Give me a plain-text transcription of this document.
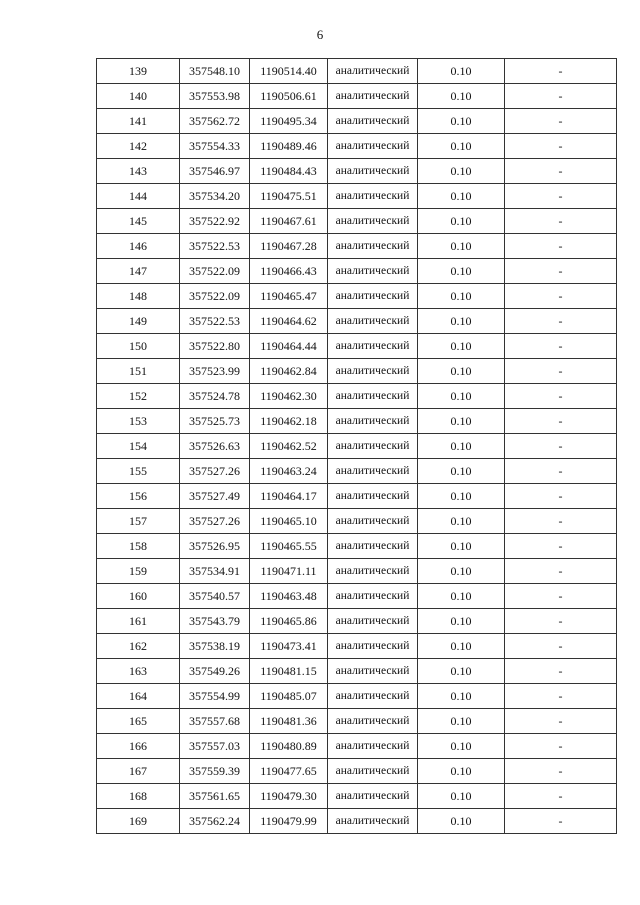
6
139	357548.10	1190514.40	аналитический	0.10	-
140	357553.98	1190506.61	аналитический	0.10	-
141	357562.72	1190495.34	аналитический	0.10	-
142	357554.33	1190489.46	аналитический	0.10	-
143	357546.97	1190484.43	аналитический	0.10	-
144	357534.20	1190475.51	аналитический	0.10	-
145	357522.92	1190467.61	аналитический	0.10	-
146	357522.53	1190467.28	аналитический	0.10	-
147	357522.09	1190466.43	аналитический	0.10	-
148	357522.09	1190465.47	аналитический	0.10	-
149	357522.53	1190464.62	аналитический	0.10	-
150	357522.80	1190464.44	аналитический	0.10	-
151	357523.99	1190462.84	аналитический	0.10	-
152	357524.78	1190462.30	аналитический	0.10	-
153	357525.73	1190462.18	аналитический	0.10	-
154	357526.63	1190462.52	аналитический	0.10	-
155	357527.26	1190463.24	аналитический	0.10	-
156	357527.49	1190464.17	аналитический	0.10	-
157	357527.26	1190465.10	аналитический	0.10	-
158	357526.95	1190465.55	аналитический	0.10	-
159	357534.91	1190471.11	аналитический	0.10	-
160	357540.57	1190463.48	аналитический	0.10	-
161	357543.79	1190465.86	аналитический	0.10	-
162	357538.19	1190473.41	аналитический	0.10	-
163	357549.26	1190481.15	аналитический	0.10	-
164	357554.99	1190485.07	аналитический	0.10	-
165	357557.68	1190481.36	аналитический	0.10	-
166	357557.03	1190480.89	аналитический	0.10	-
167	357559.39	1190477.65	аналитический	0.10	-
168	357561.65	1190479.30	аналитический	0.10	-
169	357562.24	1190479.99	аналитический	0.10	-
